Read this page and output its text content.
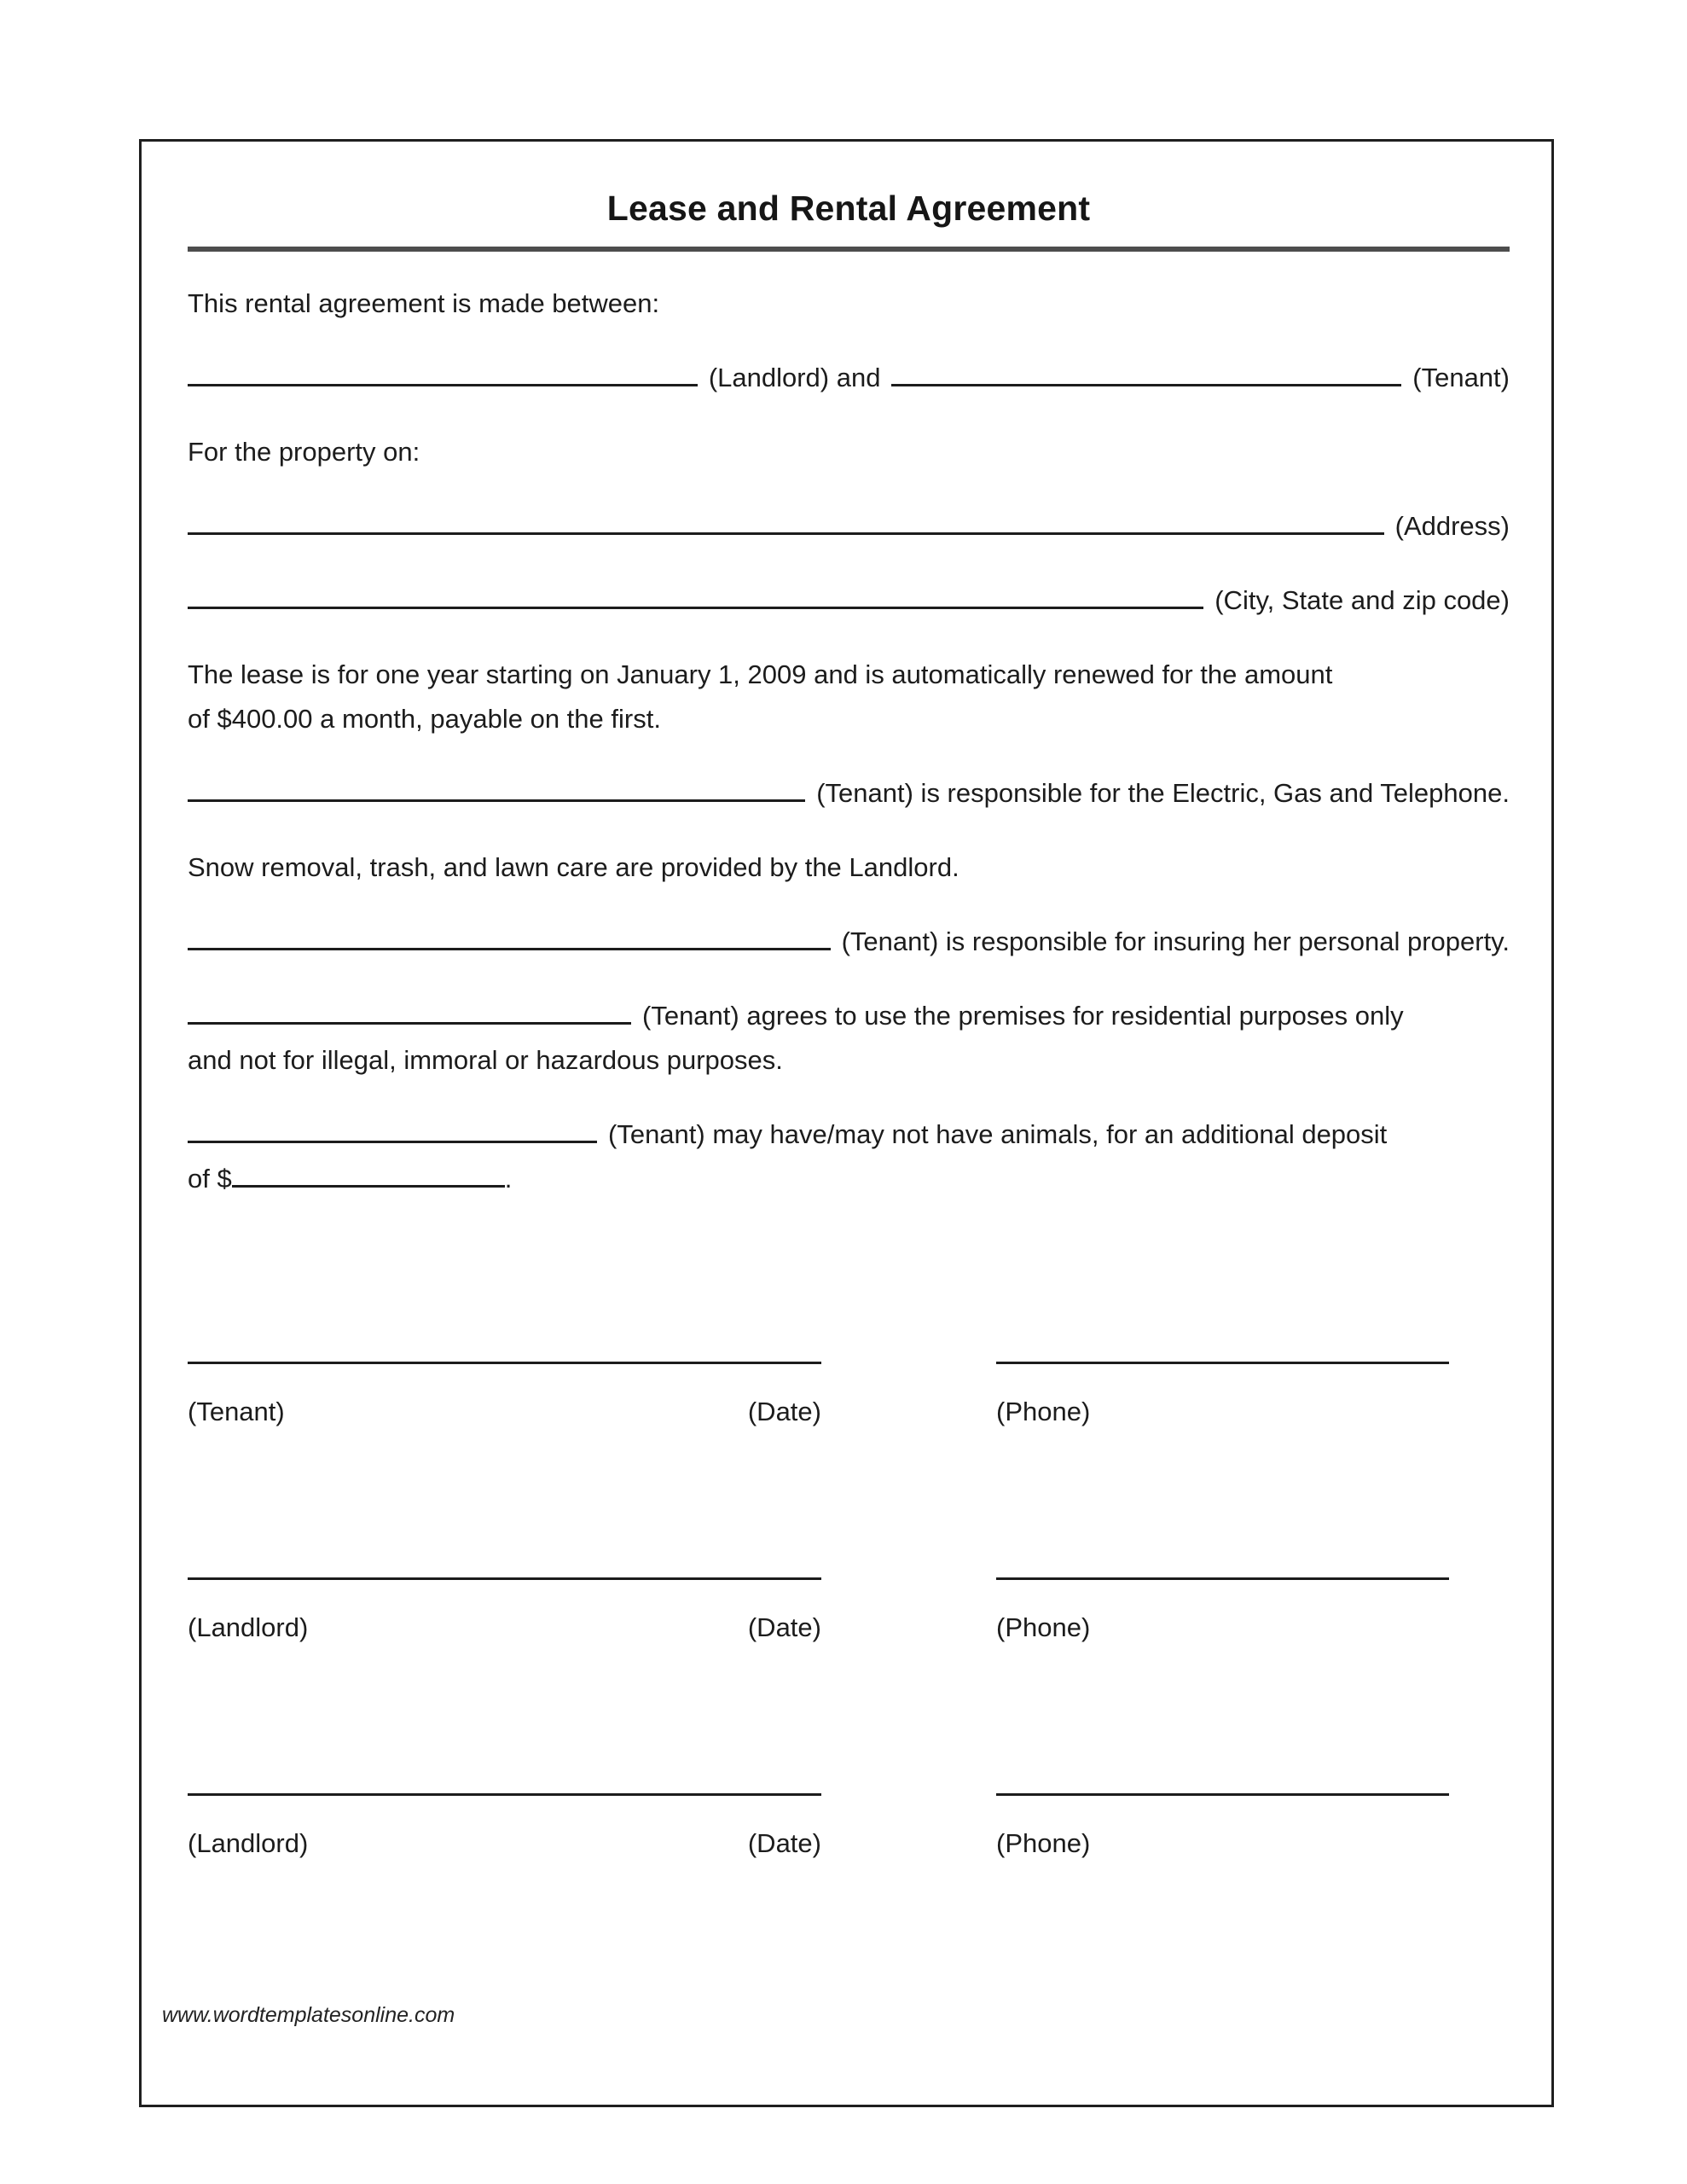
Lease and Rental Agreement
This rental agreement is made between:
(Landlord) and	(Tenant)
For the property on:
(Address)
(City, State and zip code)
The lease is for one year starting on January 1, 2009 and is automatically renewed for the amount
of $400.00 a month, payable on the first.
(Tenant) is responsible for the Electric, Gas and Telephone.
Snow removal, trash, and lawn care are provided by the Landlord.
(Tenant) is responsible for insuring her personal property.
(Tenant) agrees to use the premises for residential purposes only
and not for illegal, immoral or hazardous purposes.
(Tenant) may have/may not have animals, for an additional deposit
of $	.
(Tenant)	(Date)	(Phone)
(Landlord)	(Date)	(Phone)
(Landlord)	(Date)	(Phone)
www.wordtemplatesonline.com
